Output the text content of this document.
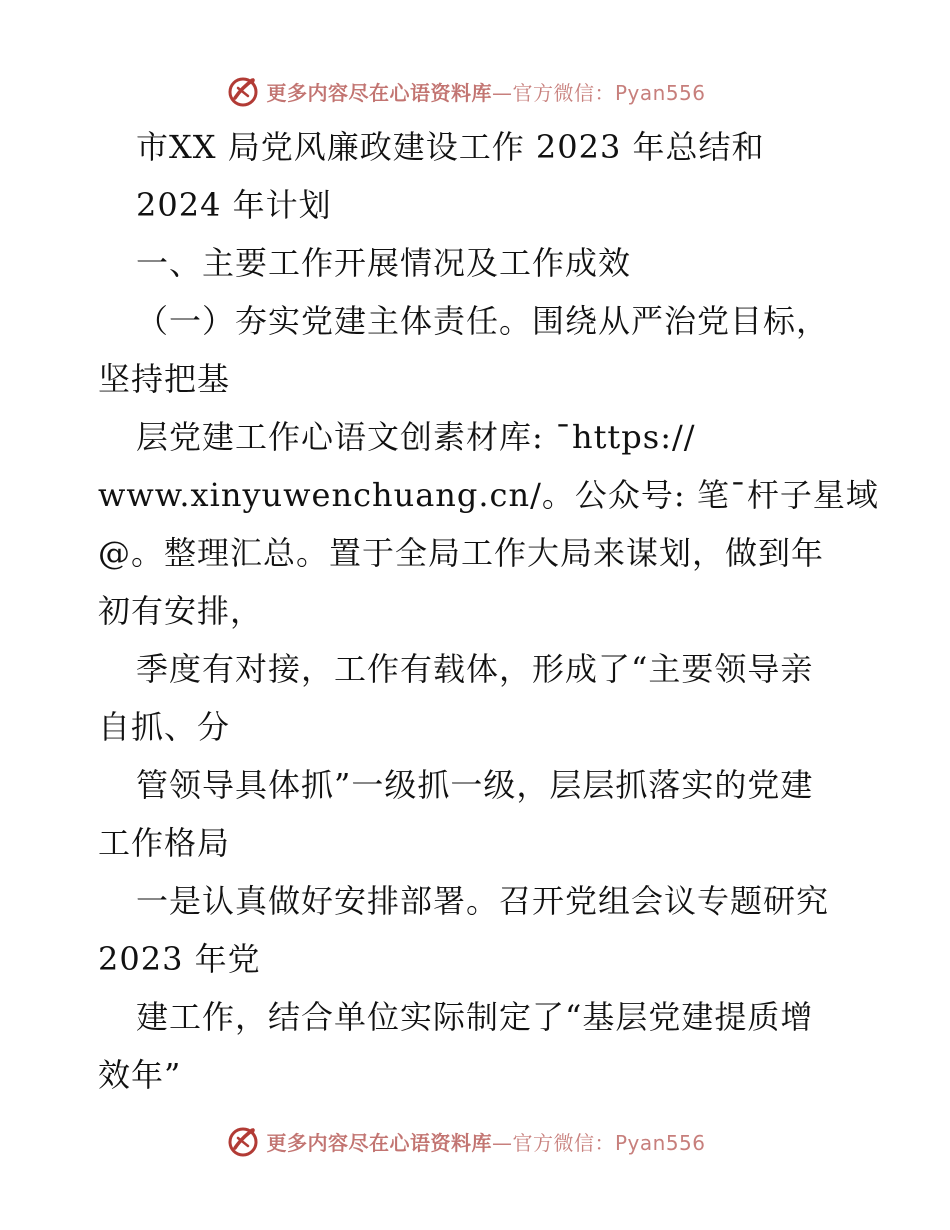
更多内容尽在心语资料库—官方微信：Pyan556
市XX 局党风廉政建设工作 2023 年总结和
2024 年计划
一、主要工作开展情况及工作成效
（一）夯实党建主体责任。围绕从严治党目标，
坚持把基
层党建工作心语文创素材库: ¯https://
www.xinyuwenchuang.cn/。公众号: 笔¯杆子星域
@。整理汇总。置于全局工作大局来谋划，做到年
初有安排，
季度有对接，工作有载体，形成了“主要领导亲
自抓、分
管领导具体抓”一级抓一级，层层抓落实的党建
工作格局
一是认真做好安排部署。召开党组会议专题研究
2023 年党
建工作，结合单位实际制定了“基层党建提质增
效年”
更多内容尽在心语资料库—官方微信：Pyan556
